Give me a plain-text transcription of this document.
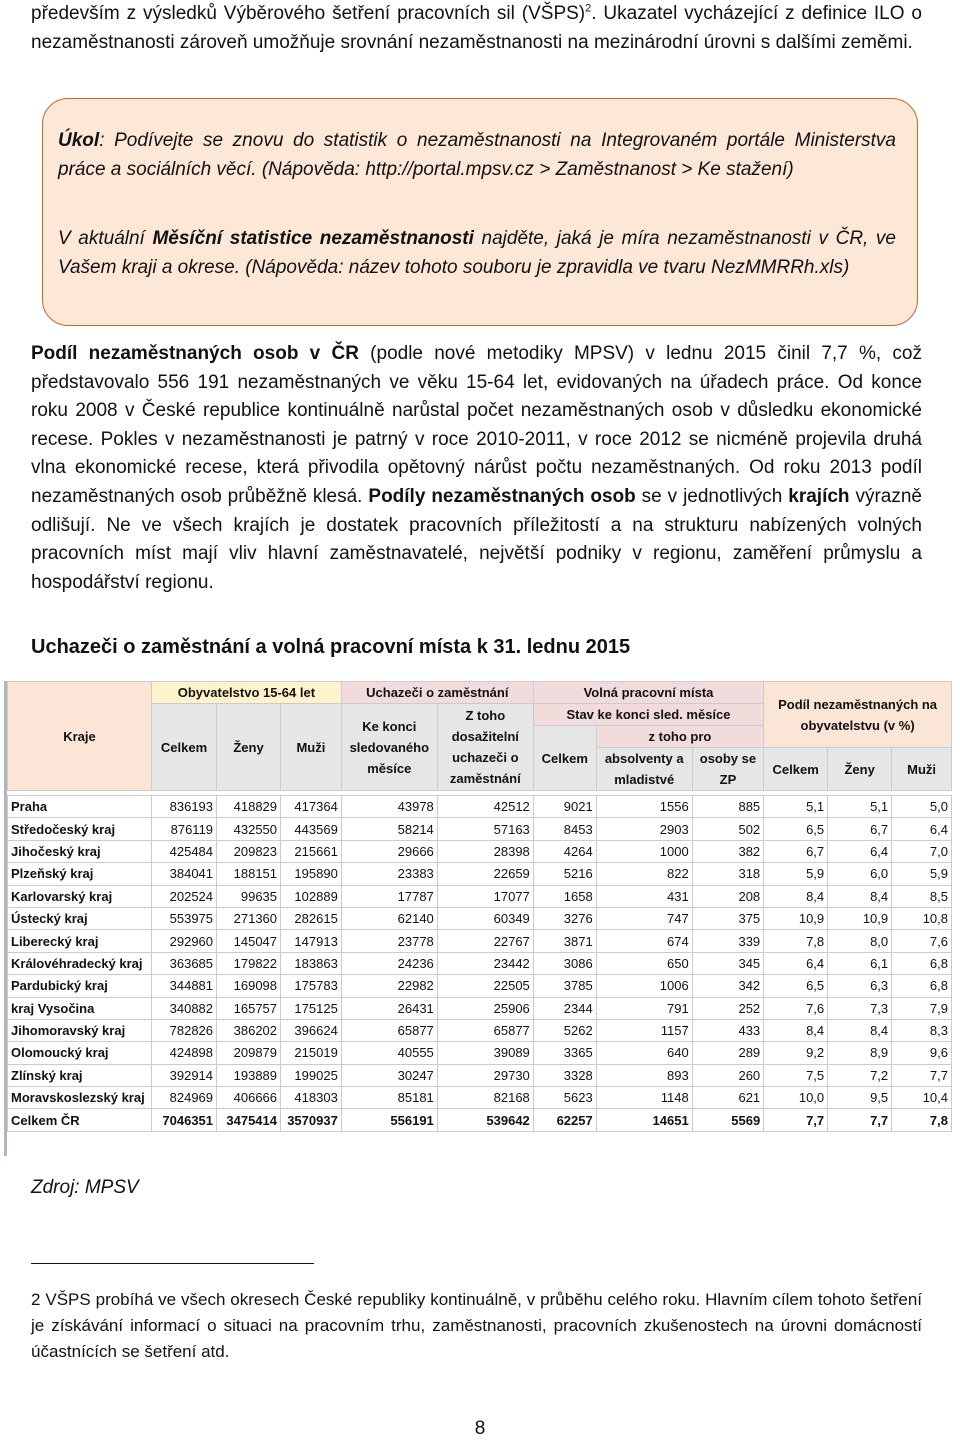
především z výsledků Výběrového šetření pracovních sil (VŠPS)$^2$. Ukazatel vycházející z definice ILO o nezaměstnanosti zároveň umožňuje srovnání nezaměstnanosti na mezinárodní úrovni s dalšími zeměmi.
Úkol: Podívejte se znovu do statistik o nezaměstnanosti na Integrovaném portále Ministerstva práce a sociálních věcí. (Nápověda: http://portal.mpsv.cz > Zaměstnanost > Ke stažení)
V aktuální Měsíční statistice nezaměstnanosti najděte, jaká je míra nezaměstnanosti v ČR, ve Vašem kraji a okrese. (Nápověda: název tohoto souboru je zpravidla ve tvaru NezMMRRh.xls)
Podíl nezaměstnaných osob v ČR (podle nové metodiky MPSV) v lednu 2015 činil 7,7 %, což představovalo 556 191 nezaměstnaných ve věku 15-64 let, evidovaných na úřadech práce. Od konce roku 2008 v České republice kontinuálně narůstal počet nezaměstnaných osob v důsledku ekonomické recese. Pokles v nezaměstnanosti je patrný v roce 2010-2011, v roce 2012 se nicméně projevila druhá vlna ekonomické recese, která přivodila opětovný nárůst počtu nezaměstnaných. Od roku 2013 podíl nezaměstnaných osob průběžně klesá. Podíly nezaměstnaných osob se v jednotlivých krajích výrazně odlišují. Ne ve všech krajích je dostatek pracovních příležitostí a na strukturu nabízených volných pracovních míst mají vliv hlavní zaměstnavatelé, největší podniky v regionu, zaměření průmyslu a hospodářství regionu.
Uchazeči o zaměstnání a volná pracovní místa k 31. lednu 2015
Kraje	Obyvatelstvo 15-64 let			Uchazeči o zaměstnání		Volná pracovní místa			Podíl nezaměstnaných na obyvatelstvu (v %)		
	Celkem	Ženy	Muži	Ke konci sledovaného měsíce	Z toho dosažitelní uchazeči o zaměstnání	Stav ke konci sled. měsíce					
						Celkem	z toho pro				
							absolventy a mladistvé	osoby se ZP	Celkem	Ženy	Muži

Praha	836193	418829	417364	43978	42512	9021	1556	885	5,1	5,1	5,0
Středočeský kraj	876119	432550	443569	58214	57163	8453	2903	502	6,5	6,7	6,4
Jihočeský kraj	425484	209823	215661	29666	28398	4264	1000	382	6,7	6,4	7,0
Plzeňský kraj	384041	188151	195890	23383	22659	5216	822	318	5,9	6,0	5,9
Karlovarský kraj	202524	99635	102889	17787	17077	1658	431	208	8,4	8,4	8,5
Ústecký kraj	553975	271360	282615	62140	60349	3276	747	375	10,9	10,9	10,8
Liberecký kraj	292960	145047	147913	23778	22767	3871	674	339	7,8	8,0	7,6
Královéhradecký kraj	363685	179822	183863	24236	23442	3086	650	345	6,4	6,1	6,8
Pardubický kraj	344881	169098	175783	22982	22505	3785	1006	342	6,5	6,3	6,8
kraj Vysočina	340882	165757	175125	26431	25906	2344	791	252	7,6	7,3	7,9
Jihomoravský kraj	782826	386202	396624	65877	65877	5262	1157	433	8,4	8,4	8,3
Olomoucký kraj	424898	209879	215019	40555	39089	3365	640	289	9,2	8,9	9,6
Zlínský kraj	392914	193889	199025	30247	29730	3328	893	260	7,5	7,2	7,7
Moravskoslezský kraj	824969	406666	418303	85181	82168	5623	1148	621	10,0	9,5	10,4
Celkem ČR	7046351	3475414	3570937	556191	539642	62257	14651	5569	7,7	7,7	7,8
Zdroj: MPSV
2 VŠPS probíhá ve všech okresech České republiky kontinuálně, v průběhu celého roku. Hlavním cílem tohoto šetření je získávání informací o situaci na pracovním trhu, zaměstnanosti, pracovních zkušenostech na úrovni domácností účastnících se šetření atd.
8
